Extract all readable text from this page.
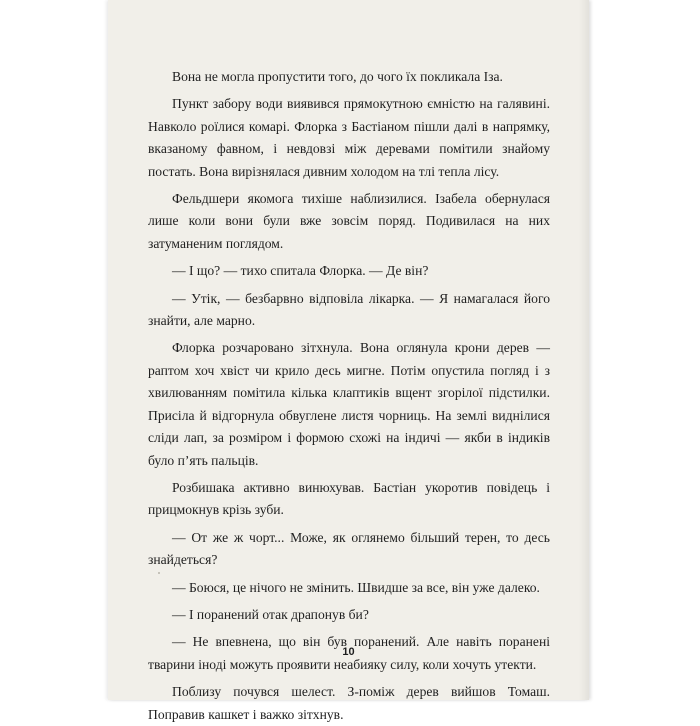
Вона не могла пропустити того, до чого їх покликала Іза.

Пункт забору води виявився прямокутною ємністю на галявині. Навколо роїлися комарі. Флорка з Бастіаном пішли далі в напрямку, вказаному фавном, і невдовзі між деревами помітили знайому постать. Вона вирізнялася дивним холодом на тлі теплa лісу.

Фельдшери якомога тихіше наблизилися. Ізабела обернулася лише коли вони були вже зовсім поряд. Подивилася на них затуманеним поглядом.

— І що? — тихо спитала Флорка. — Де він?

— Утік, — безбарвно відповіла лікарка. — Я намагалася його знайти, але марно.

Флорка розчаровано зітхнула. Вона оглянула крони дерев — раптом хоч хвіст чи крило десь мигне. Потім опустила погляд і з хвилюванням помітила кілька клаптиків вщент згорілої підстилки. Присіла й відгорнула обвуглене листя чорниць. На землі виднілися сліди лап, за розміром і формою схожі на індичі — якби в індиків було п’ять пальців.

Розбишака активно винюхував. Бастіан укоротив повідець і прицмокнув крізь зуби.

— От же ж чорт... Може, як оглянемо більший терен, то десь знайдеться?

— Боюся, це нічого не змінить. Швидше за все, він уже далеко.

— І поранений отак драпонув би?

— Не впевнена, що він був поранений. Але навіть поранені тварини іноді можуть проявити неабияку силу, коли хочуть утекти.

Поблизу почувся шелест. З-поміж дерев вийшов Томаш. Поправив кашкет і важко зітхнув.

10
